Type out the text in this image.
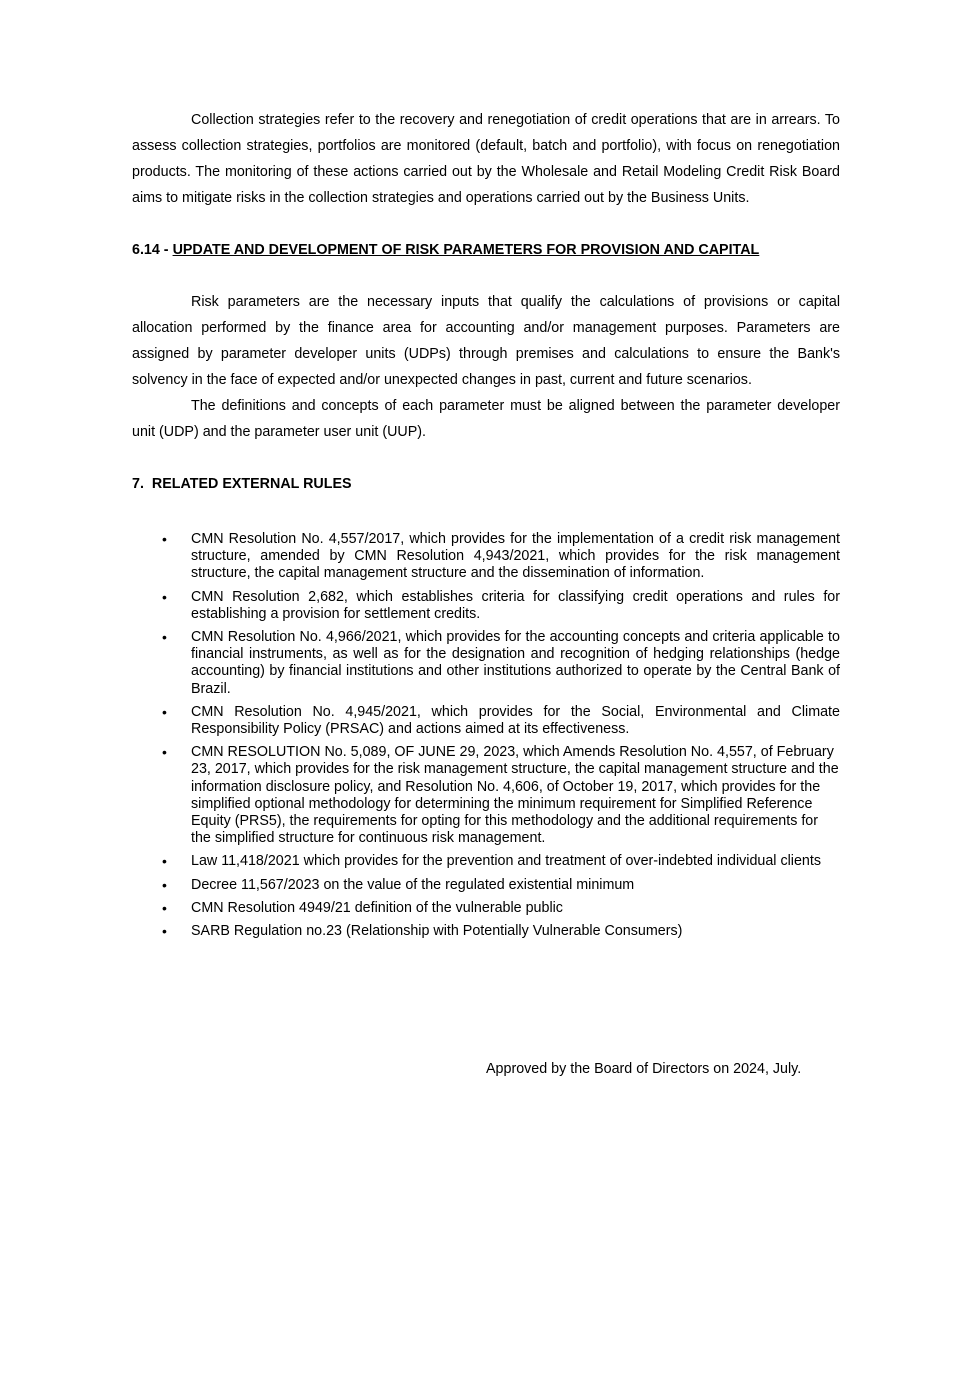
Collection strategies refer to the recovery and renegotiation of credit operations that are in arrears. To assess collection strategies, portfolios are monitored (default, batch and portfolio), with focus on renegotiation products. The monitoring of these actions carried out by the Wholesale and Retail Modeling Credit Risk Board aims to mitigate risks in the collection strategies and operations carried out by the Business Units.

6.14 - UPDATE AND DEVELOPMENT OF RISK PARAMETERS FOR PROVISION AND CAPITAL

Risk parameters are the necessary inputs that qualify the calculations of provisions or capital allocation performed by the finance area for accounting and/or management purposes. Parameters are assigned by parameter developer units (UDPs) through premises and calculations to ensure the Bank's solvency in the face of expected and/or unexpected changes in past, current and future scenarios.

The definitions and concepts of each parameter must be aligned between the parameter developer unit (UDP) and the parameter user unit (UUP).

7. RELATED EXTERNAL RULES

• CMN Resolution No. 4,557/2017, which provides for the implementation of a credit risk management structure, amended by CMN Resolution 4,943/2021, which provides for the risk management structure, the capital management structure and the dissemination of information.
• CMN Resolution 2,682, which establishes criteria for classifying credit operations and rules for establishing a provision for settlement credits.
• CMN Resolution No. 4,966/2021, which provides for the accounting concepts and criteria applicable to financial instruments, as well as for the designation and recognition of hedging relationships (hedge accounting) by financial institutions and other institutions authorized to operate by the Central Bank of Brazil.
• CMN Resolution No. 4,945/2021, which provides for the Social, Environmental and Climate Responsibility Policy (PRSAC) and actions aimed at its effectiveness.
• CMN RESOLUTION No. 5,089, OF JUNE 29, 2023, which Amends Resolution No. 4,557, of February 23, 2017, which provides for the risk management structure, the capital management structure and the information disclosure policy, and Resolution No. 4,606, of October 19, 2017, which provides for the simplified optional methodology for determining the minimum requirement for Simplified Reference Equity (PRS5), the requirements for opting for this methodology and the additional requirements for the simplified structure for continuous risk management.
• Law 11,418/2021 which provides for the prevention and treatment of over-indebted individual clients
• Decree 11,567/2023 on the value of the regulated existential minimum
• CMN Resolution 4949/21 definition of the vulnerable public
• SARB Regulation no.23 (Relationship with Potentially Vulnerable Consumers)
Approved by the Board of Directors on 2024, July.
